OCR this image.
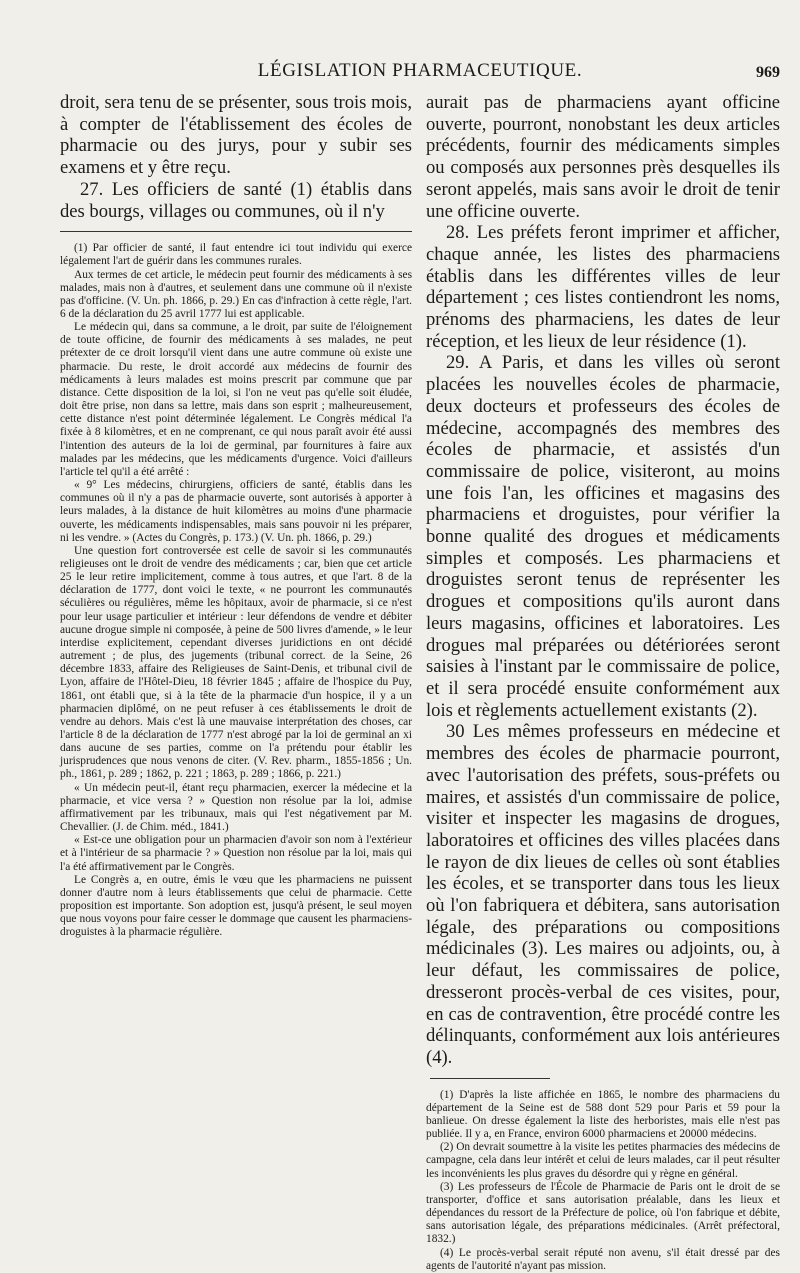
LÉGISLATION PHARMACEUTIQUE.	969

droit, sera tenu de se présenter, sous trois mois, à compter de l'établissement des écoles de pharmacie ou des jurys, pour y subir ses examens et y être reçu.

27. Les officiers de santé (1) établis dans des bourgs, villages ou communes, où il n'y

(1) Par officier de santé, il faut entendre ici tout individu qui exerce légalement l'art de guérir dans les communes rurales.

Aux termes de cet article, le médecin peut fournir des médicaments à ses malades, mais non à d'autres, et seulement dans une commune où il n'existe pas d'officine. (V. Un. ph. 1866, p. 29.) En cas d'infraction à cette règle, l'art. 6 de la déclaration du 25 avril 1777 lui est applicable.

Le médecin qui, dans sa commune, a le droit, par suite de l'éloignement de toute officine, de fournir des médicaments à ses malades, ne peut prétexter de ce droit lorsqu'il vient dans une autre commune où existe une pharmacie. Du reste, le droit accordé aux médecins de fournir des médicaments à leurs malades est moins prescrit par commune que par distance. Cette disposition de la loi, si l'on ne veut pas qu'elle soit éludée, doit être prise, non dans sa lettre, mais dans son esprit ; malheureusement, cette distance n'est point déterminée légalement. Le Congrès médical l'a fixée à 8 kilomètres, et en ne comprenant, ce qui nous paraît avoir été aussi l'intention des auteurs de la loi de germinal, par fournitures à faire aux malades par les médecins, que les médicaments d'urgence. Voici d'ailleurs l'article tel qu'il a été arrêté :

« 9° Les médecins, chirurgiens, officiers de santé, établis dans les communes où il n'y a pas de pharmacie ouverte, sont autorisés à apporter à leurs malades, à la distance de huit kilomètres au moins d'une pharmacie ouverte, les médicaments indispensables, mais sans pouvoir ni les préparer, ni les vendre. » (Actes du Congrès, p. 173.) (V. Un. ph. 1866, p. 29.)

Une question fort controversée est celle de savoir si les communautés religieuses ont le droit de vendre des médicaments ; car, bien que cet article 25 le leur retire implicitement, comme à tous autres, et que l'art. 8 de la déclaration de 1777, dont voici le texte, « ne pourront les communautés séculières ou régulières, même les hôpitaux, avoir de pharmacie, si ce n'est pour leur usage particulier et intérieur : leur défendons de vendre et débiter aucune drogue simple ni composée, à peine de 500 livres d'amende, » le leur interdise explicitement, cependant diverses juridictions en ont décidé autrement ; de plus, des jugements (tribunal correct. de la Seine, 26 décembre 1833, affaire des Religieuses de Saint-Denis, et tribunal civil de Lyon, affaire de l'Hôtel-Dieu, 18 février 1845 ; affaire de l'hospice du Puy, 1861, ont établi que, si à la tête de la pharmacie d'un hospice, il y a un pharmacien diplômé, on ne peut refuser à ces établissements le droit de vendre au dehors. Mais c'est là une mauvaise interprétation des choses, car l'article 8 de la déclaration de 1777 n'est abrogé par la loi de germinal an xi dans aucune de ses parties, comme on l'a prétendu pour établir les jurisprudences que nous venons de citer. (V. Rev. pharm., 1855-1856 ; Un. ph., 1861, p. 289 ; 1862, p. 221 ; 1863, p. 289 ; 1866, p. 221.)

« Un médecin peut-il, étant reçu pharmacien, exercer la médecine et la pharmacie, et vice versa ? » Question non résolue par la loi, admise affirmativement par les tribunaux, mais qui l'est négativement par M. Chevallier. (J. de Chim. méd., 1841.)

« Est-ce une obligation pour un pharmacien d'avoir son nom à l'extérieur et à l'intérieur de sa pharmacie ? » Question non résolue par la loi, mais qui l'a été affirmativement par le Congrès.

Le Congrès a, en outre, émis le vœu que les pharmaciens ne puissent donner d'autre nom à leurs établissements que celui de pharmacie. Cette proposition est importante. Son adoption est, jusqu'à présent, le seul moyen que nous voyons pour faire cesser le dommage que causent les pharmaciens-droguistes à la pharmacie régulière.

aurait pas de pharmaciens ayant officine ouverte, pourront, nonobstant les deux articles précédents, fournir des médicaments simples ou composés aux personnes près desquelles ils seront appelés, mais sans avoir le droit de tenir une officine ouverte.

28. Les préfets feront imprimer et afficher, chaque année, les listes des pharmaciens établis dans les différentes villes de leur département ; ces listes contiendront les noms, prénoms des pharmaciens, les dates de leur réception, et les lieux de leur résidence (1).

29. A Paris, et dans les villes où seront placées les nouvelles écoles de pharmacie, deux docteurs et professeurs des écoles de médecine, accompagnés des membres des écoles de pharmacie, et assistés d'un commissaire de police, visiteront, au moins une fois l'an, les officines et magasins des pharmaciens et droguistes, pour vérifier la bonne qualité des drogues et médicaments simples et composés. Les pharmaciens et droguistes seront tenus de représenter les drogues et compositions qu'ils auront dans leurs magasins, officines et laboratoires. Les drogues mal préparées ou détériorées seront saisies à l'instant par le commissaire de police, et il sera procédé ensuite conformément aux lois et règlements actuellement existants (2).

30 Les mêmes professeurs en médecine et membres des écoles de pharmacie pourront, avec l'autorisation des préfets, sous-préfets ou maires, et assistés d'un commissaire de police, visiter et inspecter les magasins de drogues, laboratoires et officines des villes placées dans le rayon de dix lieues de celles où sont établies les écoles, et se transporter dans tous les lieux où l'on fabriquera et débitera, sans autorisation légale, des préparations ou compositions médicinales (3). Les maires ou adjoints, ou, à leur défaut, les commissaires de police, dresseront procès-verbal de ces visites, pour, en cas de contravention, être procédé contre les délinquants, conformément aux lois antérieures (4).

(1) D'après la liste affichée en 1865, le nombre des pharmaciens du département de la Seine est de 588 dont 529 pour Paris et 59 pour la banlieue. On dresse également la liste des herboristes, mais elle n'est pas publiée. Il y a, en France, environ 6000 pharmaciens et 20000 médecins.

(2) On devrait soumettre à la visite les petites pharmacies des médecins de campagne, cela dans leur intérêt et celui de leurs malades, car il peut résulter les inconvénients les plus graves du désordre qui y règne en général.

(3) Les professeurs de l'École de Pharmacie de Paris ont le droit de se transporter, d'office et sans autorisation préalable, dans les lieux et dépendances du ressort de la Préfecture de police, où l'on fabrique et débite, sans autorisation légale, des préparations médicinales. (Arrêt préfectoral, 1832.)

(4) Le procès-verbal serait réputé non avenu, s'il était dressé par des agents de l'autorité n'ayant pas mission.
